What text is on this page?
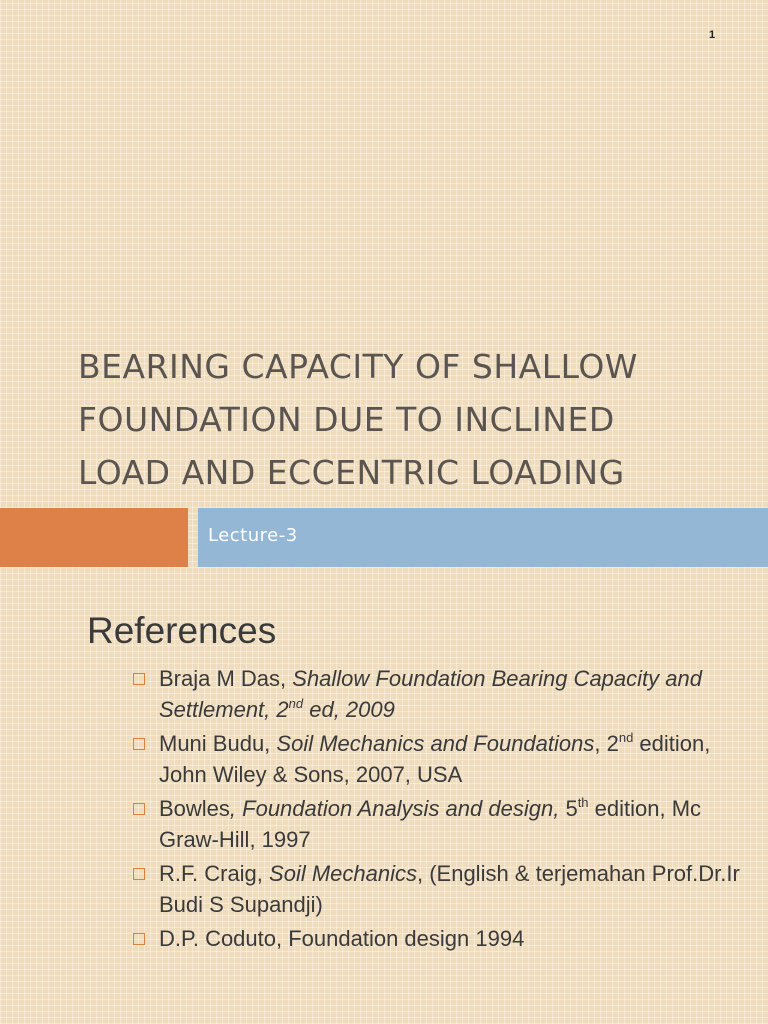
1
BEARING CAPACITY OF SHALLOW
FOUNDATION DUE TO INCLINED
LOAD AND ECCENTRIC LOADING
Lecture-3
References
Braja M Das, Shallow Foundation Bearing Capacity and Settlement, 2nd ed, 2009
Muni Budu, Soil Mechanics and Foundations, 2nd edition, John Wiley & Sons, 2007, USA
Bowles, Foundation Analysis and design, 5th edition, Mc Graw-Hill, 1997
R.F. Craig, Soil Mechanics, (English & terjemahan Prof.Dr.Ir Budi S Supandji)
D.P. Coduto, Foundation design 1994
